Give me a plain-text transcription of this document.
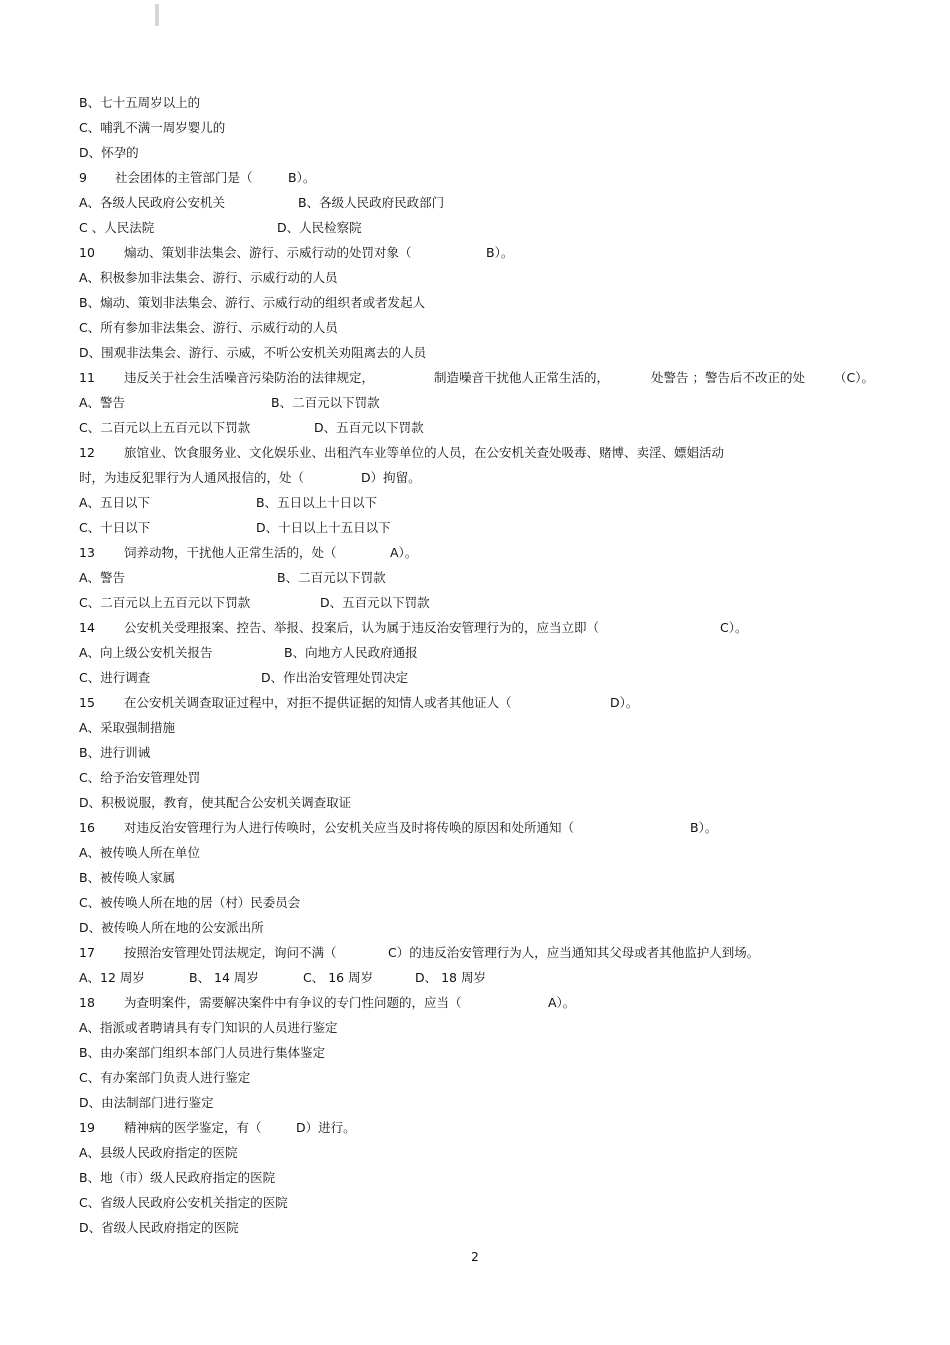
B、七十五周岁以上的
C、哺乳不满一周岁婴儿的
D、怀孕的
9 社会团体的主管部门是（	B）。
A、各级人民政府公安机关	B、各级人民政府民政部门
C 、人民法院	D、人民检察院
10 煽动、策划非法集会、游行、示威行动的处罚对象（	B）。
A、积极参加非法集会、游行、示威行动的人员
B、煽动、策划非法集会、游行、示威行动的组织者或者发起人
C、所有参加非法集会、游行、示威行动的人员
D、围观非法集会、游行、示威，不听公安机关劝阻离去的人员
11 违反关于社会生活噪音污染防治的法律规定，	制造噪音干扰他人正常生活的，	处警告 ；警告后不改正的处 （C）。
A、警告	B、二百元以下罚款
C、二百元以上五百元以下罚款	D、五百元以下罚款
12 旅馆业、饮食服务业、文化娱乐业、出租汽车业等单位的人员，在公安机关查处吸毒、赌博、卖淫、嫖娼活动
时，为违反犯罪行为人通风报信的，处（	D）拘留。
A、五日以下	B、五日以上十日以下
C、十日以下	D、十日以上十五日以下
13 饲养动物，干扰他人正常生活的，处（	A）。
A、警告	B、二百元以下罚款
C、二百元以上五百元以下罚款	D、五百元以下罚款
14 公安机关受理报案、控告、举报、投案后，认为属于违反治安管理行为的，应当立即（	C）。
A、向上级公安机关报告	B、向地方人民政府通报
C、进行调查	D、作出治安管理处罚决定
15 在公安机关调查取证过程中，对拒不提供证据的知情人或者其他证人（	D）。
A、采取强制措施
B、进行训诫
C、给予治安管理处罚
D、积极说服，教育，使其配合公安机关调查取证
16 对违反治安管理行为人进行传唤时，公安机关应当及时将传唤的原因和处所通知（	B）。
A、被传唤人所在单位
B、被传唤人家属
C、被传唤人所在地的居（村）民委员会
D、被传唤人所在地的公安派出所
17 按照治安管理处罚法规定，询问不满（	C）的违反治安管理行为人，应当通知其父母或者其他监护人到场。
A、12 周岁	B、 14 周岁	C、 16 周岁	D、 18 周岁
18 为查明案件，需要解决案件中有争议的专门性问题的，应当（	A）。
A、指派或者聘请具有专门知识的人员进行鉴定
B、由办案部门组织本部门人员进行集体鉴定
C、有办案部门负责人进行鉴定
D、由法制部门进行鉴定
19 精神病的医学鉴定，有（	D）进行。
A、县级人民政府指定的医院
B、地（市）级人民政府指定的医院
C、省级人民政府公安机关指定的医院
D、省级人民政府指定的医院
2
